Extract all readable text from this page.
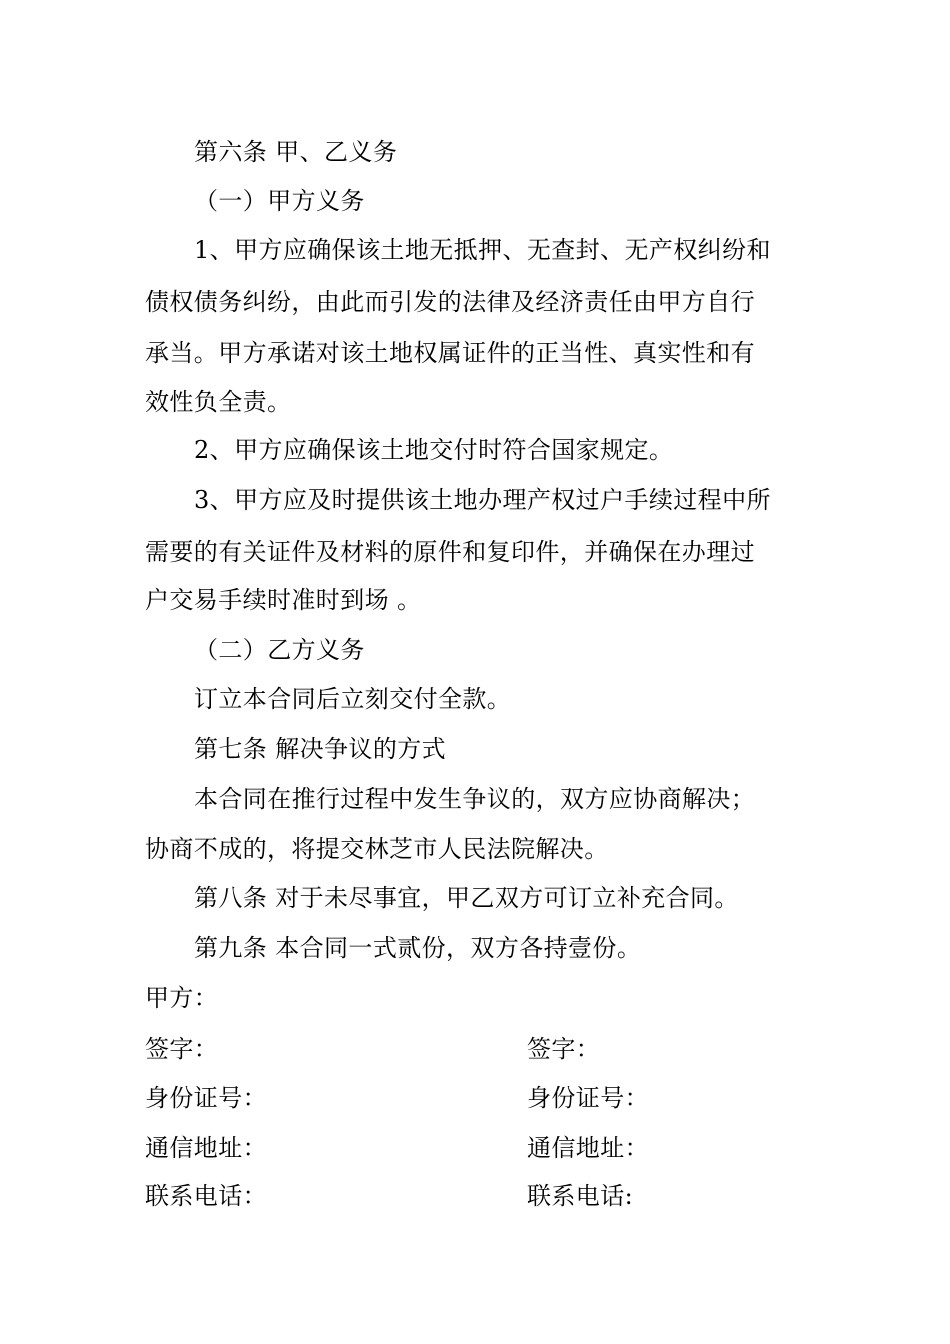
第六条 甲、乙义务
（一）甲方义务
1、甲方应确保该土地无抵押、无查封、无产权纠纷和
债权债务纠纷，由此而引发的法律及经济责任由甲方自行
承当。甲方承诺对该土地权属证件的正当性、真实性和有
效性负全责。
2、甲方应确保该土地交付时符合国家规定。
3、甲方应及时提供该土地办理产权过户手续过程中所
需要的有关证件及材料的原件和复印件，并确保在办理过
户交易手续时准时到场 。
（二）乙方义务
订立本合同后立刻交付全款。
第七条 解决争议的方式
本合同在推行过程中发生争议的，双方应协商解决；
协商不成的，将提交林芝市人民法院解决。
第八条 对于未尽事宜，甲乙双方可订立补充合同。
第九条 本合同一式贰份，双方各持壹份。
甲方：
签字：	签字：
身份证号：	身份证号：
通信地址：	通信地址：
联系电话：	联系电话:
